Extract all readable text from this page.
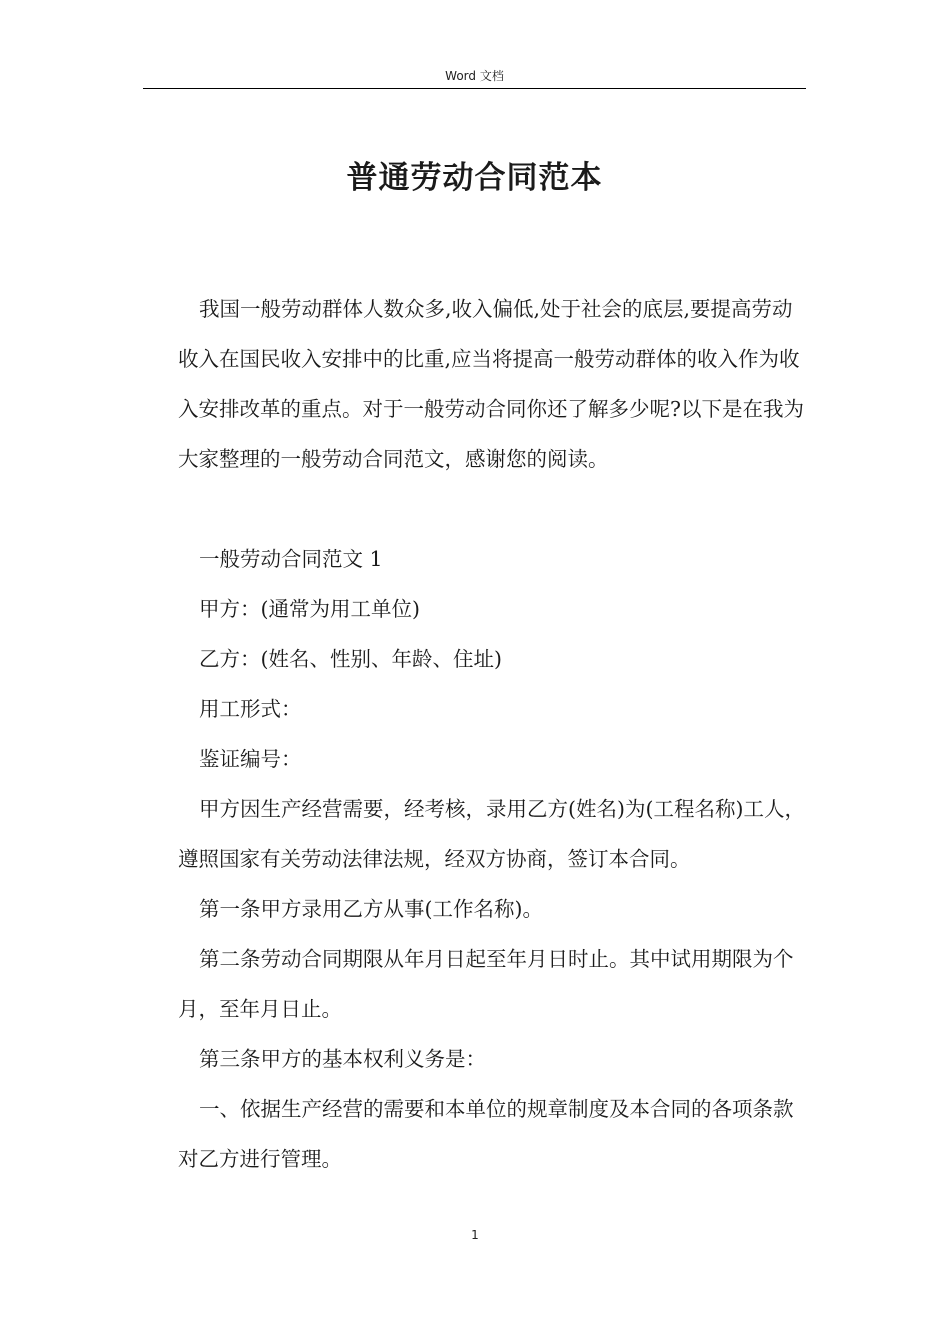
Word 文档
普通劳动合同范本

我国一般劳动群体人数众多,收入偏低,处于社会的底层,要提高劳动收入在国民收入安排中的比重,应当将提高一般劳动群体的收入作为收入安排改革的重点。对于一般劳动合同你还了解多少呢?以下是在我为大家整理的一般劳动合同范文，感谢您的阅读。

一般劳动合同范文 1

甲方：(通常为用工单位)

乙方：(姓名、性别、年龄、住址)

用工形式：

鉴证编号：

甲方因生产经营需要，经考核，录用乙方(姓名)为(工程名称)工人，遵照国家有关劳动法律法规，经双方协商，签订本合同。

第一条甲方录用乙方从事(工作名称)。

第二条劳动合同期限从年月日起至年月日时止。其中试用期限为个月，至年月日止。

第三条甲方的基本权利义务是：

一、依据生产经营的需要和本单位的规章制度及本合同的各项条款对乙方进行管理。

1
